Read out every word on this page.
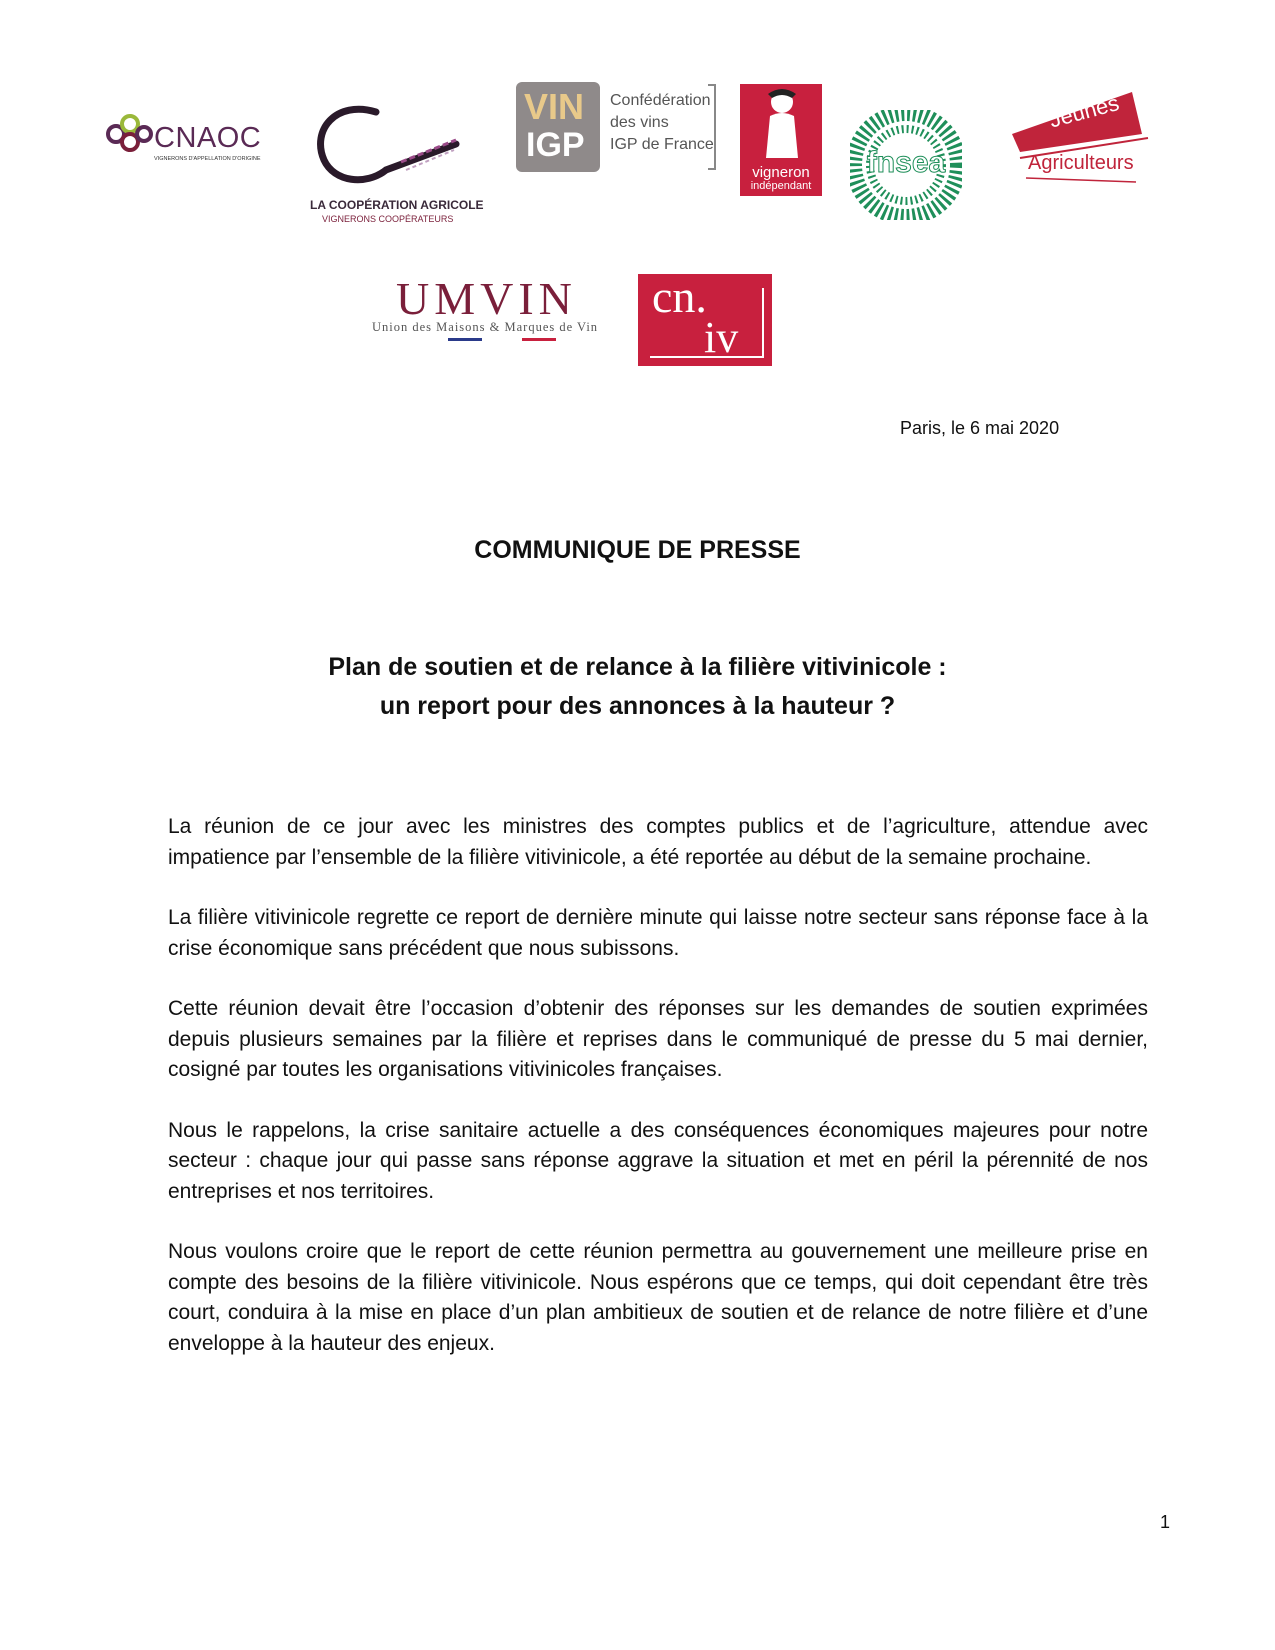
CNAOC
VIGNERONS D'APPELLATION D'ORIGINE
LA COOPÉRATION AGRICOLE
VIGNERONS COOPÉRATEURS
VIN
IGP
Confédération
des vins
IGP de France
vigneron
indépendant
fnsea
Jeunes
Agriculteurs
UMVIN
Union des Maisons & Marques de Vin
cn.
iv
Paris, le 6 mai 2020
COMMUNIQUE DE PRESSE
Plan de soutien et de relance à la filière vitivinicole :
un report pour des annonces à la hauteur ?

La réunion de ce jour avec les ministres des comptes publics et de l’agriculture, attendue avec impatience par l’ensemble de la filière vitivinicole, a été reportée au début de la semaine prochaine.

La filière vitivinicole regrette ce report de dernière minute qui laisse notre secteur sans réponse face à la crise économique sans précédent que nous subissons.

Cette réunion devait être l’occasion d’obtenir des réponses sur les demandes de soutien exprimées depuis plusieurs semaines par la filière et reprises dans le communiqué de presse du 5 mai dernier, cosigné par toutes les organisations vitivinicoles françaises.

Nous le rappelons, la crise sanitaire actuelle a des conséquences économiques majeures pour notre secteur : chaque jour qui passe sans réponse aggrave la situation et met en péril la pérennité de nos entreprises et nos territoires.

Nous voulons croire que le report de cette réunion permettra au gouvernement une meilleure prise en compte des besoins de la filière vitivinicole. Nous espérons que ce temps, qui doit cependant être très court, conduira à la mise en place d’un plan ambitieux de soutien et de relance de notre filière et d’une enveloppe à la hauteur des enjeux.

1
